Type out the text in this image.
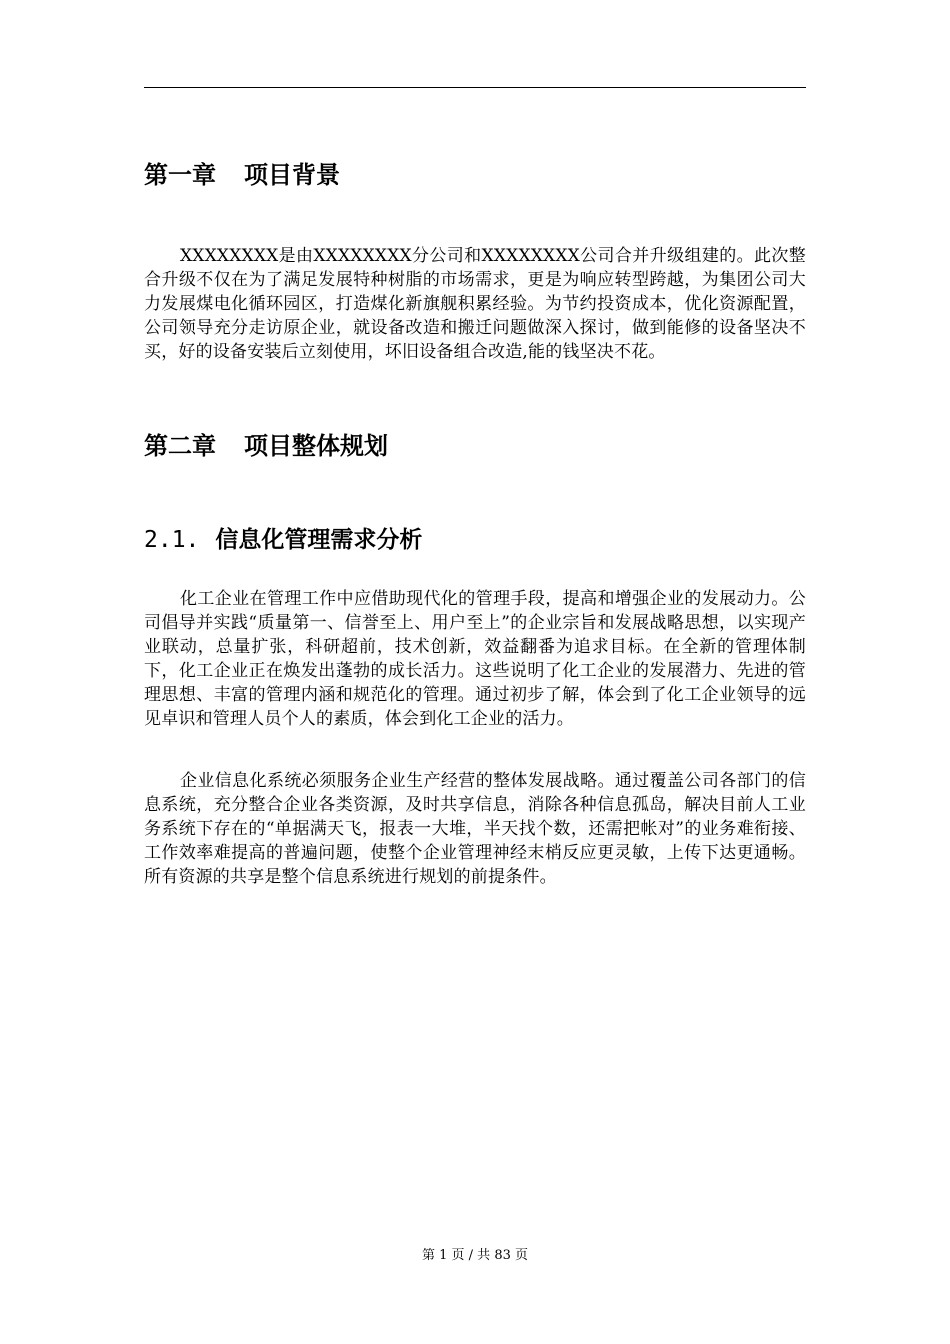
第一章 项目背景

XXXXXXXX是由XXXXXXXX分公司和XXXXXXXX公司合并升级组建的。此次整合升级不仅在为了满足发展特种树脂的市场需求，更是为响应转型跨越，为集团公司大力发展煤电化循环园区，打造煤化新旗舰积累经验。为节约投资成本，优化资源配置，公司领导充分走访原企业，就设备改造和搬迁问题做深入探讨，做到能修的设备坚决不买，好的设备安装后立刻使用，坏旧设备组合改造,能的钱坚决不花。

第二章 项目整体规划
2.1. 信息化管理需求分析

化工企业在管理工作中应借助现代化的管理手段，提高和增强企业的发展动力。公司倡导并实践“质量第一、信誉至上、用户至上”的企业宗旨和发展战略思想，以实现产业联动，总量扩张，科研超前，技术创新，效益翻番为追求目标。在全新的管理体制下，化工企业正在焕发出蓬勃的成长活力。这些说明了化工企业的发展潜力、先进的管理思想、丰富的管理内涵和规范化的管理。通过初步了解，体会到了化工企业领导的远见卓识和管理人员个人的素质，体会到化工企业的活力。

企业信息化系统必须服务企业生产经营的整体发展战略。通过覆盖公司各部门的信息系统，充分整合企业各类资源，及时共享信息，消除各种信息孤岛，解决目前人工业务系统下存在的“单据满天飞，报表一大堆，半天找个数，还需把帐对”的业务难衔接、工作效率难提高的普遍问题，使整个企业管理神经末梢反应更灵敏，上传下达更通畅。所有资源的共享是整个信息系统进行规划的前提条件。

第 1 页 / 共 83 页
